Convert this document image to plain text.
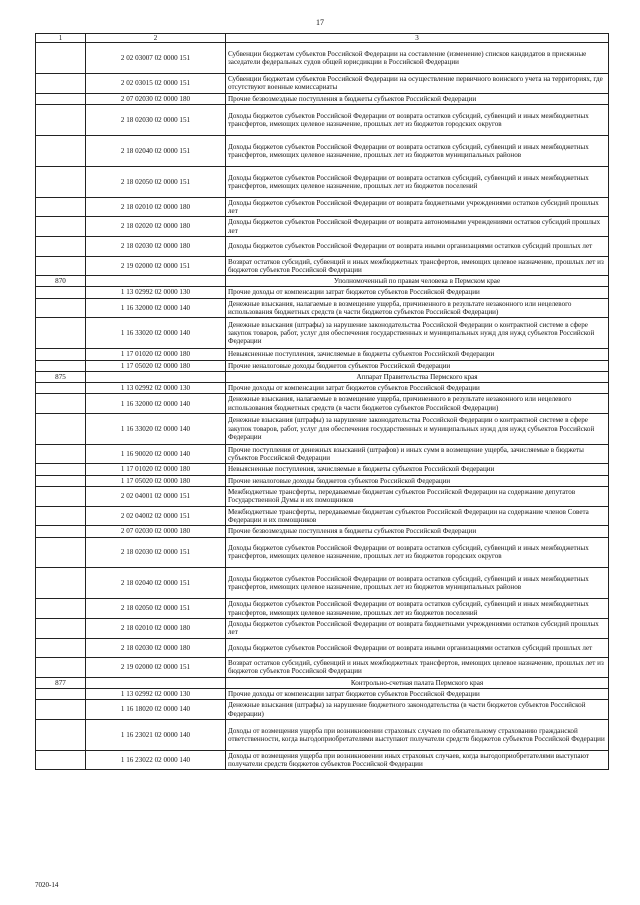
17
1	2	3
	2 02 03007 02 0000 151	Субвенции бюджетам субъектов Российской Федерации на составление (изменение) списков кандидатов в присяжные заседатели федеральных судов общей юрисдикции в Российской Федерации
	2 02 03015 02 0000 151	Субвенции бюджетам субъектов Российской Федерации на осуществление первичного воинского учета на территориях, где отсутствуют военные комиссариаты
	2 07 02030 02 0000 180	Прочие безвозмездные поступления в бюджеты субъектов Российской Федерации
	2 18 02030 02 0000 151	Доходы бюджетов субъектов Российской Федерации от возврата остатков субсидий, субвенций и иных межбюджетных трансфертов, имеющих целевое назначение, прошлых лет из бюджетов городских округов
	2 18 02040 02 0000 151	Доходы бюджетов субъектов Российской Федерации от возврата остатков субсидий, субвенций и иных межбюджетных трансфертов, имеющих целевое назначение, прошлых лет из бюджетов муниципальных районов
	2 18 02050 02 0000 151	Доходы бюджетов субъектов Российской Федерации от возврата остатков субсидий, субвенций и иных межбюджетных трансфертов, имеющих целевое назначение, прошлых лет из бюджетов поселений
	2 18 02010 02 0000 180	Доходы бюджетов субъектов Российской Федерации от возврата бюджетными учреждениями остатков субсидий прошлых лет
	2 18 02020 02 0000 180	Доходы бюджетов субъектов Российской Федерации от возврата автономными учреждениями остатков субсидий прошлых лет
	2 18 02030 02 0000 180	Доходы бюджетов субъектов Российской Федерации от возврата иными организациями остатков субсидий прошлых лет
	2 19 02000 02 0000 151	Возврат остатков субсидий, субвенций и иных межбюджетных трансфертов, имеющих целевое назначение, прошлых лет из бюджетов субъектов Российской Федерации
870		Уполномоченный по правам человека в Пермском крае
	1 13 02992 02 0000 130	Прочие доходы от компенсации затрат бюджетов субъектов Российской Федерации
	1 16 32000 02 0000 140	Денежные взыскания, налагаемые в возмещение ущерба, причиненного в результате незаконного или нецелевого использования бюджетных средств (в части бюджетов субъектов Российской Федерации)
	1 16 33020 02 0000 140	Денежные взыскания (штрафы) за нарушение законодательства Российской Федерации о контрактной системе в сфере закупок товаров, работ, услуг для обеспечения государственных и муниципальных нужд для нужд субъектов Российской Федерации
	1 17 01020 02 0000 180	Невыясненные поступления, зачисляемые в бюджеты субъектов Российской Федерации
	1 17 05020 02 0000 180	Прочие неналоговые доходы бюджетов субъектов Российской Федерации
875		Аппарат Правительства Пермского края
	1 13 02992 02 0000 130	Прочие доходы от компенсации затрат бюджетов субъектов Российской Федерации
	1 16 32000 02 0000 140	Денежные взыскания, налагаемые в возмещение ущерба, причиненного в результате незаконного или нецелевого использования бюджетных средств (в части бюджетов субъектов Российской Федерации)
	1 16 33020 02 0000 140	Денежные взыскания (штрафы) за нарушение законодательства Российской Федерации о контрактной системе в сфере закупок товаров, работ, услуг для обеспечения государственных и муниципальных нужд для нужд субъектов Российской Федерации
	1 16 90020 02 0000 140	Прочие поступления от денежных взысканий (штрафов) и иных сумм в возмещение ущерба, зачисляемые в бюджеты субъектов Российской Федерации
	1 17 01020 02 0000 180	Невыясненные поступления, зачисляемые в бюджеты субъектов Российской Федерации
	1 17 05020 02 0000 180	Прочие неналоговые доходы бюджетов субъектов Российской Федерации
	2 02 04001 02 0000 151	Межбюджетные трансферты, передаваемые бюджетам субъектов Российской Федерации на содержание депутатов Государственной Думы и их помощников
	2 02 04002 02 0000 151	Межбюджетные трансферты, передаваемые бюджетам субъектов Российской Федерации на содержание членов Совета Федерации и их помощников
	2 07 02030 02 0000 180	Прочие безвозмездные поступления в бюджеты субъектов Российской Федерации
	2 18 02030 02 0000 151	Доходы бюджетов субъектов Российской Федерации от возврата остатков субсидий, субвенций и иных межбюджетных трансфертов, имеющих целевое назначение, прошлых лет из бюджетов городских округов
	2 18 02040 02 0000 151	Доходы бюджетов субъектов Российской Федерации от возврата остатков субсидий, субвенций и иных межбюджетных трансфертов, имеющих целевое назначение, прошлых лет из бюджетов муниципальных районов
	2 18 02050 02 0000 151	Доходы бюджетов субъектов Российской Федерации от возврата остатков субсидий, субвенций и иных межбюджетных трансфертов, имеющих целевое назначение, прошлых лет из бюджетов поселений
	2 18 02010 02 0000 180	Доходы бюджетов субъектов Российской Федерации от возврата бюджетными учреждениями остатков субсидий прошлых лет
	2 18 02030 02 0000 180	Доходы бюджетов субъектов Российской Федерации от возврата иными организациями остатков субсидий прошлых лет
	2 19 02000 02 0000 151	Возврат остатков субсидий, субвенций и иных межбюджетных трансфертов, имеющих целевое назначение, прошлых лет из бюджетов субъектов Российской Федерации
877		Контрольно-счетная палата Пермского края
	1 13 02992 02 0000 130	Прочие доходы от компенсации затрат бюджетов субъектов Российской Федерации
	1 16 18020 02 0000 140	Денежные взыскания (штрафы) за нарушение бюджетного законодательства (в части бюджетов субъектов Российской Федерации)
	1 16 23021 02 0000 140	Доходы от возмещения ущерба при возникновении страховых случаев по обязательному страхованию гражданской ответственности, когда выгодоприобретателями выступают получатели средств бюджетов субъектов Российской Федерации
	1 16 23022 02 0000 140	Доходы от возмещения ущерба при возникновении иных страховых случаев, когда выгодоприобретателями выступают получатели средств бюджетов субъектов Российской Федерации
7020-14
